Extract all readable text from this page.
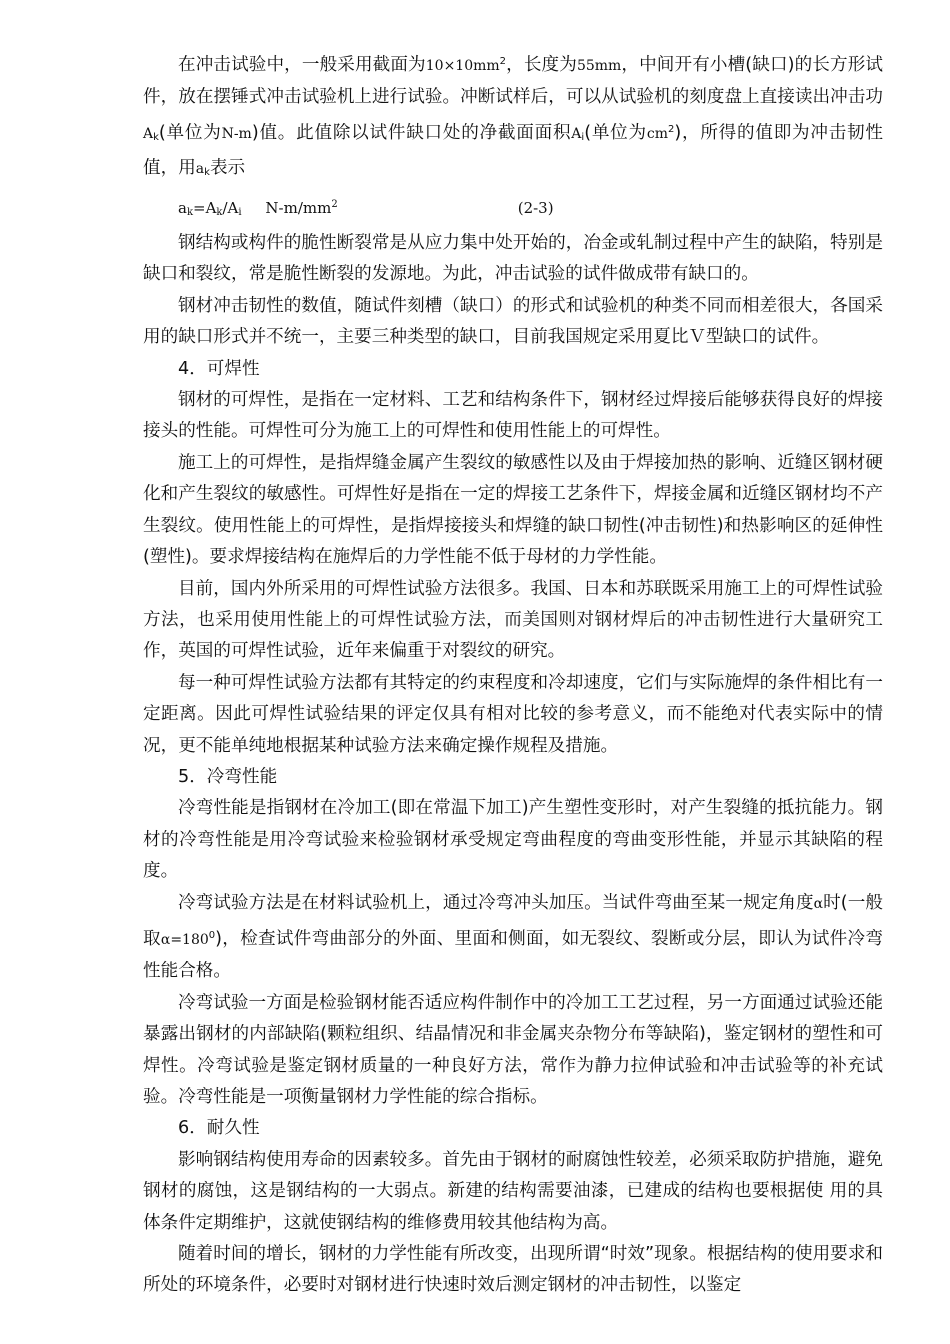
在冲击试验中，一般采用截面为$10\times 10mm^2$，长度为55mm，中间开有小槽(缺口)的长方形试件，放在摆锤式冲击试验机上进行试验。冲断试样后，可以从试验机的刻度盘上直接读出冲击功$A_k$(单位为N-m)值。此值除以试件缺口处的净截面面积$A_i$(单位为$cm^2$)，所得的值即为冲击韧性值，用$a_k$表示

$a_k=A_k/A_i$ $N-m/mm^2$	(2-3)

钢结构或构件的脆性断裂常是从应力集中处开始的，冶金或轧制过程中产生的缺陷，特别是缺口和裂纹，常是脆性断裂的发源地。为此，冲击试验的试件做成带有缺口的。

钢材冲击韧性的数值，随试件刻槽（缺口）的形式和试验机的种类不同而相差很大，各国采用的缺口形式并不统一，主要三种类型的缺口，目前我国规定采用夏比Ｖ型缺口的试件。

4．可焊性

钢材的可焊性，是指在一定材料、工艺和结构条件下，钢材经过焊接后能够获得良好的焊接接头的性能。可焊性可分为施工上的可焊性和使用性能上的可焊性。

施工上的可焊性，是指焊缝金属产生裂纹的敏感性以及由于焊接加热的影响、近缝区钢材硬化和产生裂纹的敏感性。可焊性好是指在一定的焊接工艺条件下，焊接金属和近缝区钢材均不产生裂纹。使用性能上的可焊性，是指焊接接头和焊缝的缺口韧性(冲击韧性)和热影响区的延伸性(塑性)。要求焊接结构在施焊后的力学性能不低于母材的力学性能。

目前，国内外所采用的可焊性试验方法很多。我国、日本和苏联既采用施工上的可焊性试验方法，也采用使用性能上的可焊性试验方法，而美国则对钢材焊后的冲击韧性进行大量研究工作，英国的可焊性试验，近年来偏重于对裂纹的研究。

每一种可焊性试验方法都有其特定的约束程度和冷却速度，它们与实际施焊的条件相比有一定距离。因此可焊性试验结果的评定仅具有相对比较的参考意义，而不能绝对代表实际中的情况，更不能单纯地根据某种试验方法来确定操作规程及措施。

5．冷弯性能

冷弯性能是指钢材在冷加工(即在常温下加工)产生塑性变形时，对产生裂缝的抵抗能力。钢材的冷弯性能是用冷弯试验来检验钢材承受规定弯曲程度的弯曲变形性能，并显示其缺陷的程度。

冷弯试验方法是在材料试验机上，通过冷弯冲头加压。当试件弯曲至某一规定角度α时(一般取$\alpha=180^0$)，检查试件弯曲部分的外面、里面和侧面，如无裂纹、裂断或分层，即认为试件冷弯性能合格。

冷弯试验一方面是检验钢材能否适应构件制作中的冷加工工艺过程，另一方面通过试验还能暴露出钢材的内部缺陷(颗粒组织、结晶情况和非金属夹杂物分布等缺陷)，鉴定钢材的塑性和可焊性。冷弯试验是鉴定钢材质量的一种良好方法，常作为静力拉伸试验和冲击试验等的补充试验。冷弯性能是一项衡量钢材力学性能的综合指标。

6．耐久性

影响钢结构使用寿命的因素较多。首先由于钢材的耐腐蚀性较差，必须采取防护措施，避免钢材的腐蚀，这是钢结构的一大弱点。新建的结构需要油漆，已建成的结构也要根据使 用的具体条件定期维护，这就使钢结构的维修费用较其他结构为高。

随着时间的增长，钢材的力学性能有所改变，出现所谓“时效”现象。根据结构的使用要求和所处的环境条件，必要时对钢材进行快速时效后测定钢材的冲击韧性，以鉴定
